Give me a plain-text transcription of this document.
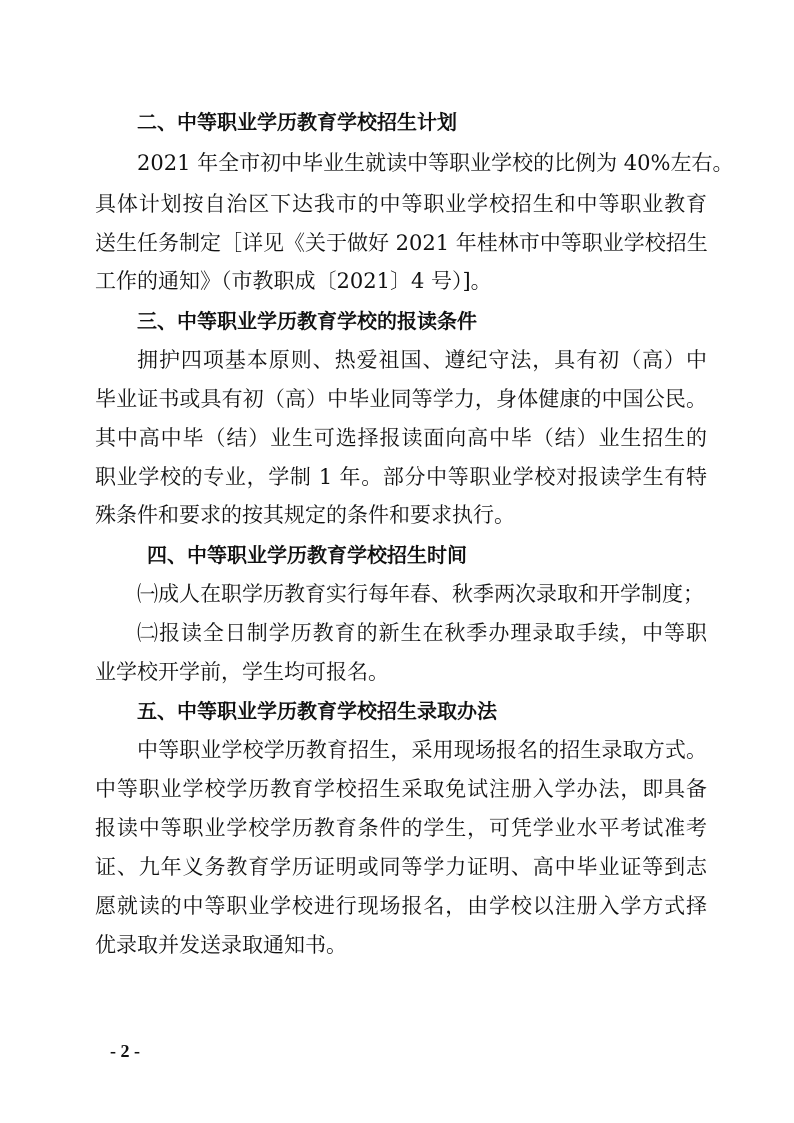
二、中等职业学历教育学校招生计划
2021 年全市初中毕业生就读中等职业学校的比例为 40%左右。
具体计划按自治区下达我市的中等职业学校招生和中等职业教育
送生任务制定［详见《关于做好 2021 年桂林市中等职业学校招生
工作的通知》（市教职成〔2021〕4 号）]。
三、中等职业学历教育学校的报读条件
拥护四项基本原则、热爱祖国、遵纪守法，具有初（高）中
毕业证书或具有初（高）中毕业同等学力，身体健康的中国公民。
其中高中毕（结）业生可选择报读面向高中毕（结）业生招生的
职业学校的专业，学制 1 年。部分中等职业学校对报读学生有特
殊条件和要求的按其规定的条件和要求执行。
四、中等职业学历教育学校招生时间
㈠成人在职学历教育实行每年春、秋季两次录取和开学制度；
㈡报读全日制学历教育的新生在秋季办理录取手续，中等职
业学校开学前，学生均可报名。
五、中等职业学历教育学校招生录取办法
中等职业学校学历教育招生，采用现场报名的招生录取方式。
中等职业学校学历教育学校招生采取免试注册入学办法，即具备
报读中等职业学校学历教育条件的学生，可凭学业水平考试准考
证、九年义务教育学历证明或同等学力证明、高中毕业证等到志
愿就读的中等职业学校进行现场报名，由学校以注册入学方式择
优录取并发送录取通知书。
- 2 -
